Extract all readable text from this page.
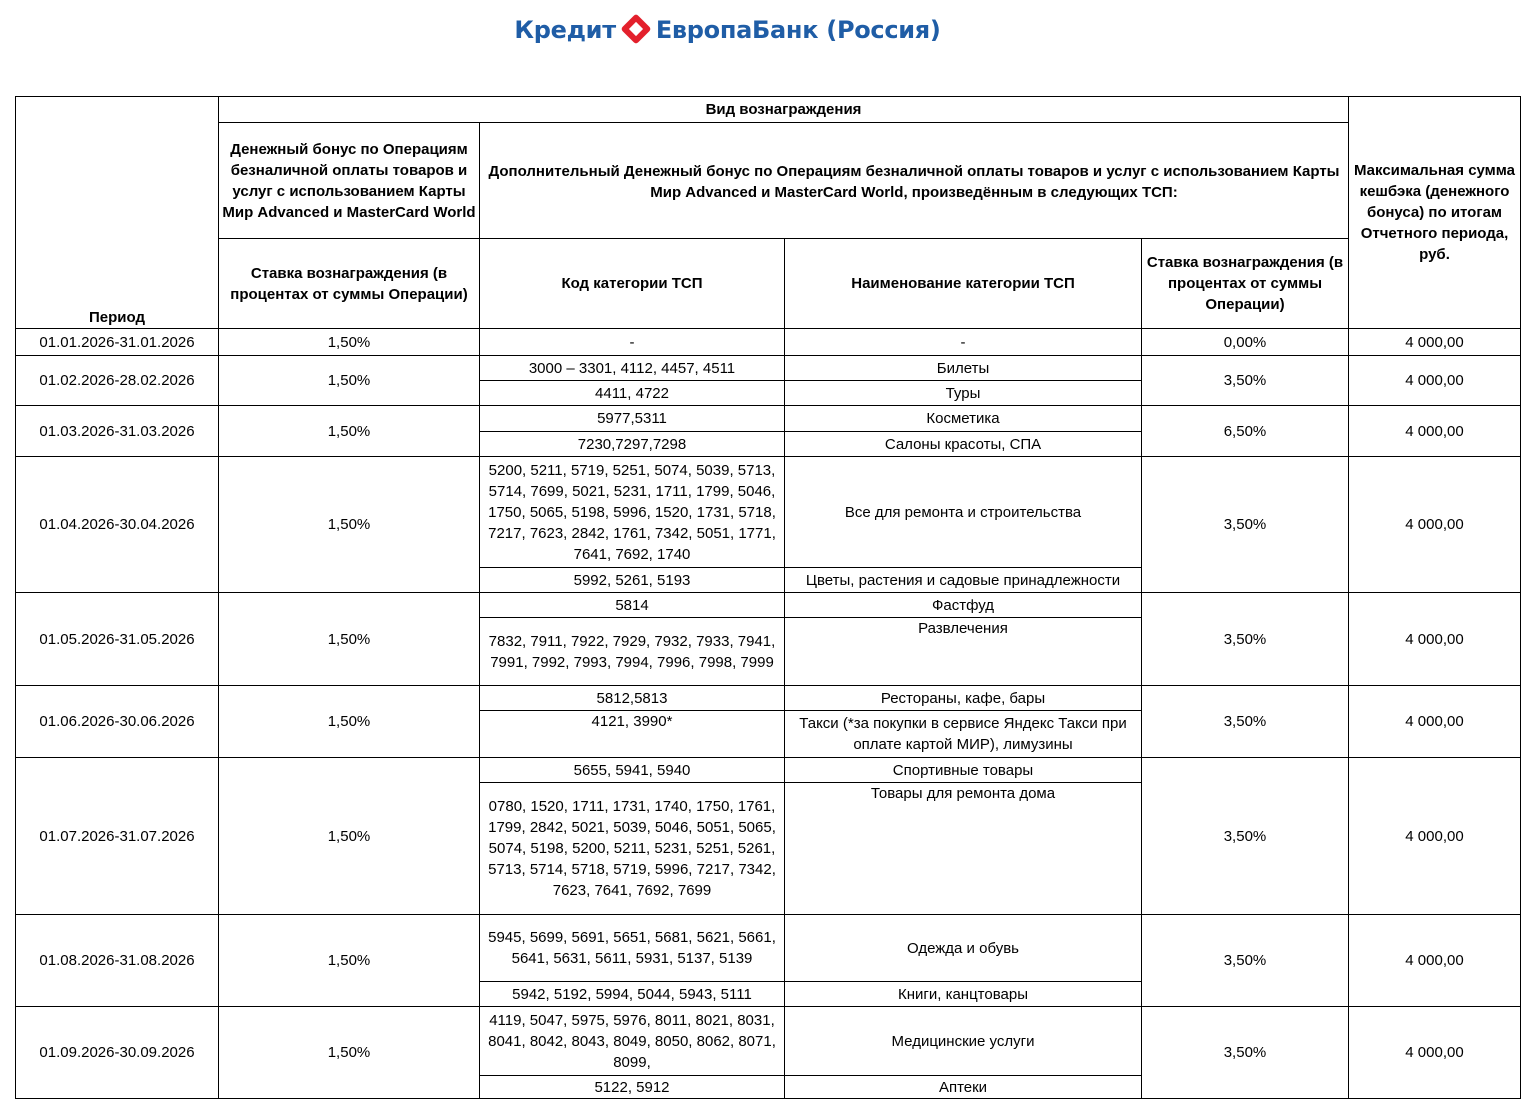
Кредит ЕвропаБанк (Россия)
Период	Вид вознаграждения				Максимальная сумма кешбэка (денежного бонуса) по итогам Отчетного периода, руб.
	Денежный бонус по Операциям безналичной оплаты товаров и услуг с использованием Карты Мир Advanced и MasterCard World	Дополнительный Денежный бонус по Операциям безналичной оплаты товаров и услуг с использованием Карты Мир Advanced и MasterCard World, произведённым в следующих ТСП:			
	Ставка вознаграждения (в процентах от суммы Операции)	Код категории ТСП	Наименование категории ТСП	Ставка вознаграждения (в процентах от суммы Операции)	
01.01.2026-31.01.2026	1,50%	-	-	0,00%	4 000,00
01.02.2026-28.02.2026	1,50%	3000 – 3301, 4112, 4457, 4511	Билеты	3,50%	4 000,00
		4411, 4722	Туры		
01.03.2026-31.03.2026	1,50%	5977,5311	Косметика	6,50%	4 000,00
		7230,7297,7298	Салоны красоты, СПА		
01.04.2026-30.04.2026	1,50%	5200, 5211, 5719, 5251, 5074, 5039, 5713, 5714, 7699, 5021, 5231, 1711, 1799, 5046, 1750, 5065, 5198, 5996, 1520, 1731, 5718, 7217, 7623, 2842, 1761, 7342, 5051, 1771, 7641, 7692, 1740	Все для ремонта и строительства	3,50%	4 000,00
		5992, 5261, 5193	Цветы, растения и садовые принадлежности		
01.05.2026-31.05.2026	1,50%	5814	Фастфуд	3,50%	4 000,00
		7832, 7911, 7922, 7929, 7932, 7933, 7941, 7991, 7992, 7993, 7994, 7996, 7998, 7999	Развлечения		
01.06.2026-30.06.2026	1,50%	5812,5813	Рестораны, кафе, бары	3,50%	4 000,00
		4121, 3990*	Такси (*за покупки в сервисе Яндекс Такси при оплате картой МИР), лимузины		
01.07.2026-31.07.2026	1,50%	5655, 5941, 5940	Спортивные товары	3,50%	4 000,00
		0780, 1520, 1711, 1731, 1740, 1750, 1761, 1799, 2842, 5021, 5039, 5046, 5051, 5065, 5074, 5198, 5200, 5211, 5231, 5251, 5261, 5713, 5714, 5718, 5719, 5996, 7217, 7342, 7623, 7641, 7692, 7699	Товары для ремонта дома		
01.08.2026-31.08.2026	1,50%	5945, 5699, 5691, 5651, 5681, 5621, 5661, 5641, 5631, 5611, 5931, 5137, 5139	Одежда и обувь	3,50%	4 000,00
		5942, 5192, 5994, 5044, 5943, 5111	Книги, канцтовары		
01.09.2026-30.09.2026	1,50%	4119, 5047, 5975, 5976, 8011, 8021, 8031, 8041, 8042, 8043, 8049, 8050, 8062, 8071, 8099,	Медицинские услуги	3,50%	4 000,00
		5122, 5912	Аптеки		
